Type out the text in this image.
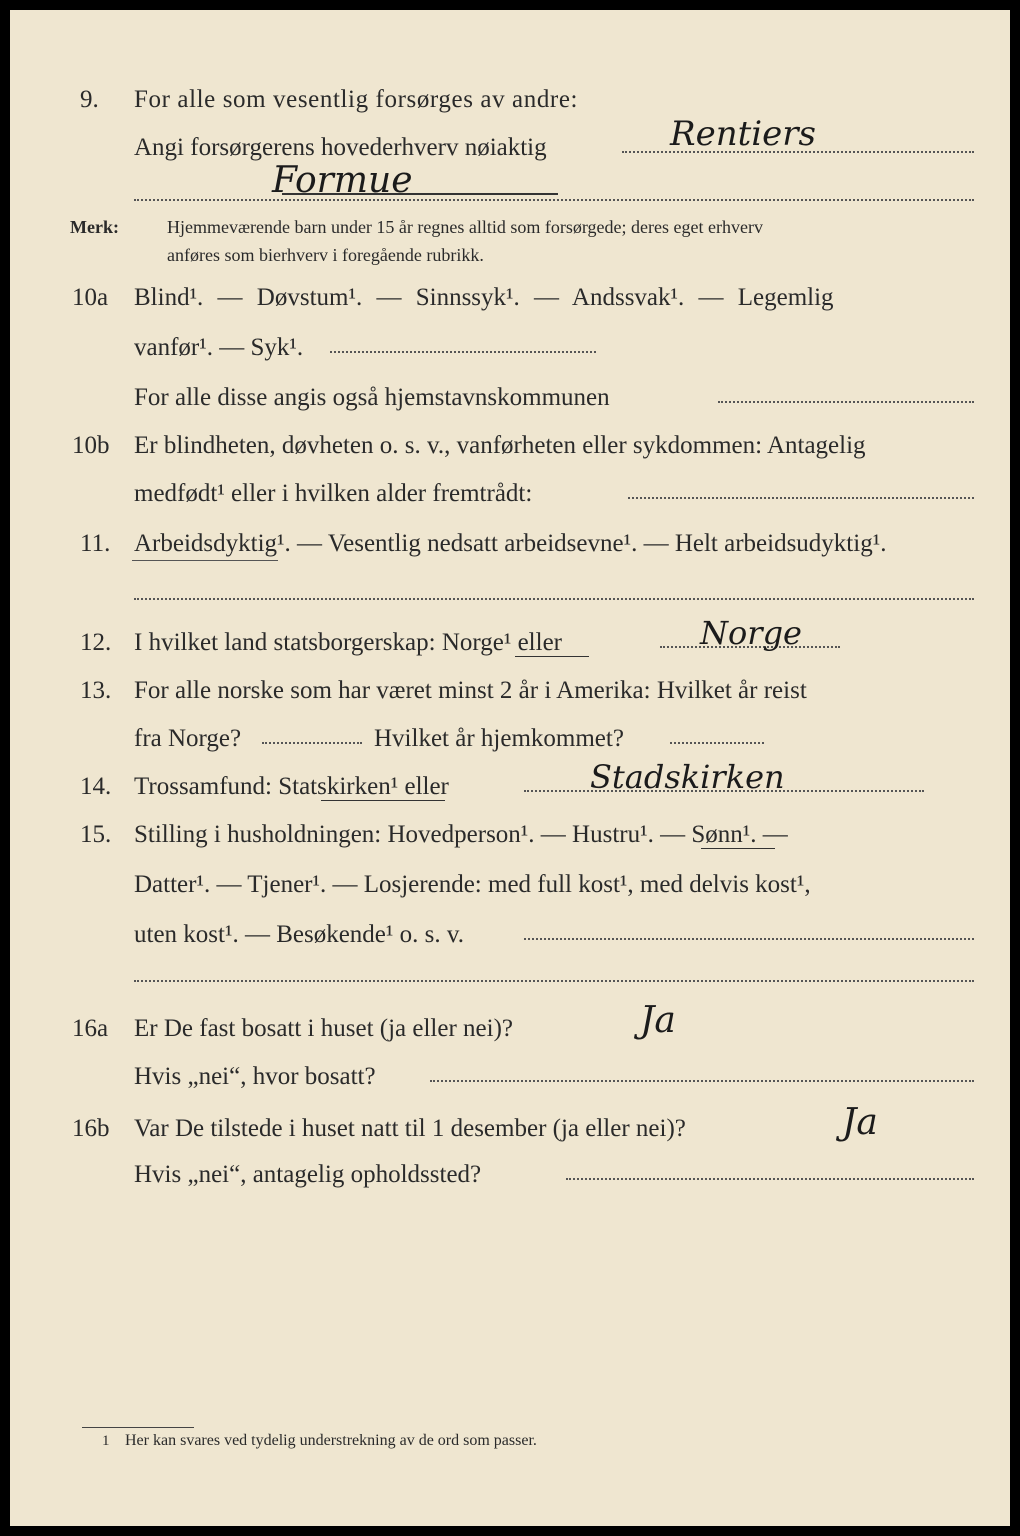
9. For alle som vesentlig forsørges av andre:
Angi forsørgerens hovederhverv nøiaktig	Rentiers
Formue
Merk:	Hjemmeværende barn under 15 år regnes alltid som forsørgede; deres eget erhverv
anføres som bierhverv i foregående rubrikk.
10a Blind¹. — Døvstum¹. — Sinnssyk¹. — Andssvak¹. — Legemlig
vanfør¹. — Syk¹.
For alle disse angis også hjemstavnskommunen
10b Er blindheten, døvheten o. s. v., vanførheten eller sykdommen: Antagelig
medfødt¹ eller i hvilken alder fremtrådt:
11. Arbeidsdyktig¹. — Vesentlig nedsatt arbeidsevne¹. — Helt arbeidsudyktig¹.
12. I hvilket land statsborgerskap: Norge¹ eller	Norge
13. For alle norske som har været minst 2 år i Amerika: Hvilket år reist
fra Norge?	Hvilket år hjemkommet?
14. Trossamfund: Statskirken¹ eller	Stadskirken
15. Stilling i husholdningen: Hovedperson¹. — Hustru¹. — Sønn¹. —
Datter¹. — Tjener¹. — Losjerende: med full kost¹, med delvis kost¹,
uten kost¹. — Besøkende¹ o. s. v.
16a Er De fast bosatt i huset (ja eller nei)?	Ja
Hvis „nei“, hvor bosatt?
16b Var De tilstede i huset natt til 1 desember (ja eller nei)?	Ja
Hvis „nei“, antagelig opholdssted?
1 Her kan svares ved tydelig understrekning av de ord som passer.
